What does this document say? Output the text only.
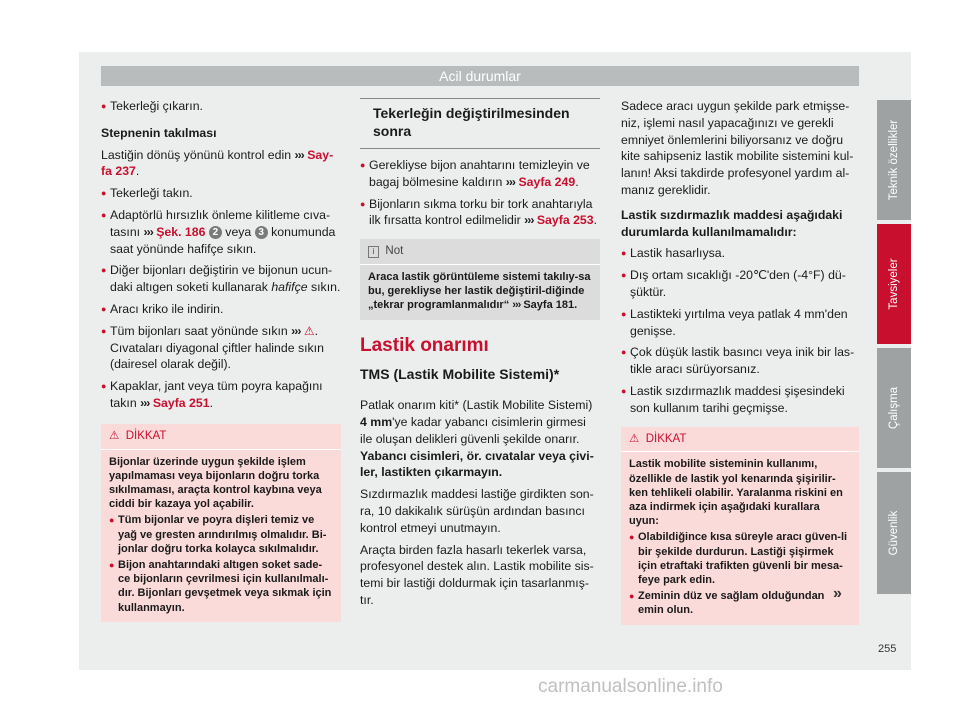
Acil durumlar
● Tekerleği çıkarın.

Stepnenin takılması

Lastiğin dönüş yönünü kontrol edin ››› Say-fa 237.

● Tekerleği takın.
● Adaptörlü hırsızlık önleme kilitleme cıva-tasını ››› Şek. 186 2 veya 3 konumunda saat yönünde hafifçe sıkın.
● Diğer bijonları değiştirin ve bijonun ucun-daki altıgen soketi kullanarak hafifçe sıkın.
● Aracı kriko ile indirin.
● Tüm bijonları saat yönünde sıkın ››› ⚠. Cıvataları diyagonal çiftler halinde sıkın (dairesel olarak değil).
● Kapaklar, jant veya tüm poyra kapağını takın ››› Sayfa 251.
⚠ DİKKAT
Bijonlar üzerinde uygun şekilde işlem yapılmaması veya bijonların doğru torka sıkılmaması, araçta kontrol kaybına veya ciddi bir kazaya yol açabilir.
● Tüm bijonlar ve poyra dişleri temiz ve yağ ve gresten arındırılmış olmalıdır. Bi-jonlar doğru torka kolayca sıkılmalıdır.
● Bijon anahtarındaki altıgen soket sade-ce bijonların çevrilmesi için kullanılmalı-dır. Bijonları gevşetmek veya sıkmak için kullanmayın.
Tekerleğin değiştirilmesinden sonra
● Gerekliyse bijon anahtarını temizleyin ve bagaj bölmesine kaldırın ››› Sayfa 249.
● Bijonların sıkma torku bir tork anahtarıyla ilk fırsatta kontrol edilmelidir ››› Sayfa 253.
i Not
Araca lastik görüntüleme sistemi takılıy-sa bu, gerekliyse her lastik değiştiril-diğinde „tekrar programlanmalıdır“ ››› Sayfa 181.
Lastik onarımı
TMS (Lastik Mobilite Sistemi)*

Patlak onarım kiti* (Lastik Mobilite Sistemi) 4 mm'ye kadar yabancı cisimlerin girmesi ile oluşan delikleri güvenli şekilde onarır. Yabancı cisimleri, ör. cıvatalar veya çivi-ler, lastikten çıkarmayın.

Sızdırmazlık maddesi lastiğe girdikten son-ra, 10 dakikalık sürüşün ardından basıncı kontrol etmeyi unutmayın.

Araçta birden fazla hasarlı tekerlek varsa, profesyonel destek alın. Lastik mobilite sis-temi bir lastiği doldurmak için tasarlanmış-tır.

Sadece aracı uygun şekilde park etmişse-niz, işlemi nasıl yapacağınızı ve gerekli emniyet önlemlerini biliyorsanız ve doğru kite sahipseniz lastik mobilite sistemini kul-lanın! Aksi takdirde profesyonel yardım al-manız gereklidir.

Lastik sızdırmazlık maddesi aşağıdaki durumlarda kullanılmamalıdır:

● Lastik hasarlıysa.
● Dış ortam sıcaklığı -20℃'den (-4°F) dü-şüktür.
● Lastikteki yırtılma veya patlak 4 mm'den genişse.
● Çok düşük lastik basıncı veya inik bir las-tikle aracı sürüyorsanız.
● Lastik sızdırmazlık maddesi şişesindeki son kullanım tarihi geçmişse.
⚠ DİKKAT
Lastik mobilite sisteminin kullanımı, özellikle de lastik yol kenarında şişirilir-ken tehlikeli olabilir. Yaralanma riskini en aza indirmek için aşağıdaki kurallara uyun:
● Olabildiğince kısa süreyle aracı güven-li bir şekilde durdurun. Lastiği şişirmek için etraftaki trafikten güvenli bir mesa-feye park edin.
● Zeminin düz ve sağlam olduğundan emin olun.
»
Teknik özellikler
Tavsiyeler
Çalışma
Güvenlik
255
carmanualsonline.info
